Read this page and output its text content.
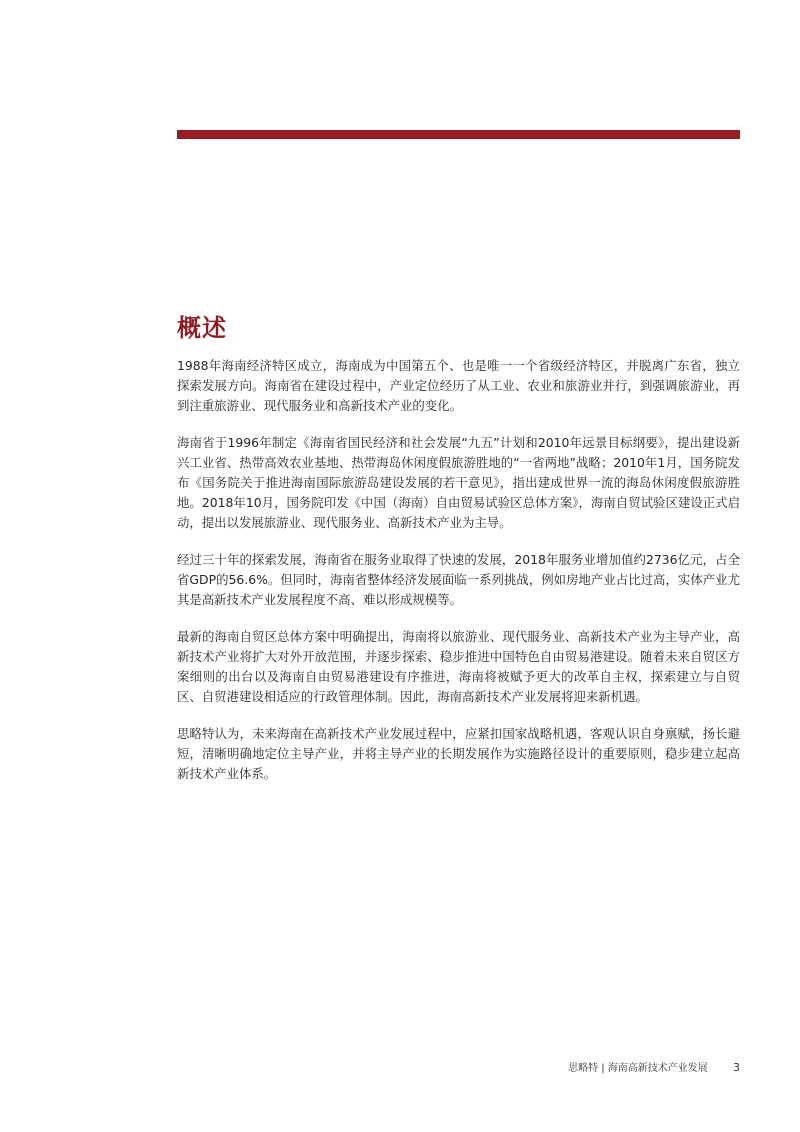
概述

1988年海南经济特区成立，海南成为中国第五个、也是唯一一个省级经济特区，并脱离广东省，独立探索发展方向。海南省在建设过程中，产业定位经历了从工业、农业和旅游业并行，到强调旅游业，再到注重旅游业、现代服务业和高新技术产业的变化。

海南省于1996年制定《海南省国民经济和社会发展“九五”计划和2010年远景目标纲要》，提出建设新兴工业省、热带高效农业基地、热带海岛休闲度假旅游胜地的“一省两地”战略；2010年1月，国务院发布《国务院关于推进海南国际旅游岛建设发展的若干意见》，指出建成世界一流的海岛休闲度假旅游胜地。2018年10月，国务院印发《中国（海南）自由贸易试验区总体方案》，海南自贸试验区建设正式启动，提出以发展旅游业、现代服务业、高新技术产业为主导。

经过三十年的探索发展，海南省在服务业取得了快速的发展，2018年服务业增加值约2736亿元，占全省GDP的56.6%。但同时，海南省整体经济发展面临一系列挑战，例如房地产业占比过高，实体产业尤其是高新技术产业发展程度不高、难以形成规模等。

最新的海南自贸区总体方案中明确提出，海南将以旅游业、现代服务业、高新技术产业为主导产业，高新技术产业将扩大对外开放范围，并逐步探索、稳步推进中国特色自由贸易港建设。随着未来自贸区方案细则的出台以及海南自由贸易港建设有序推进，海南将被赋予更大的改革自主权，探索建立与自贸区、自贸港建设相适应的行政管理体制。因此，海南高新技术产业发展将迎来新机遇。

思略特认为，未来海南在高新技术产业发展过程中，应紧扣国家战略机遇，客观认识自身禀赋，扬长避短，清晰明确地定位主导产业，并将主导产业的长期发展作为实施路径设计的重要原则，稳步建立起高新技术产业体系。

思略特 | 海南高新技术产业发展 3
